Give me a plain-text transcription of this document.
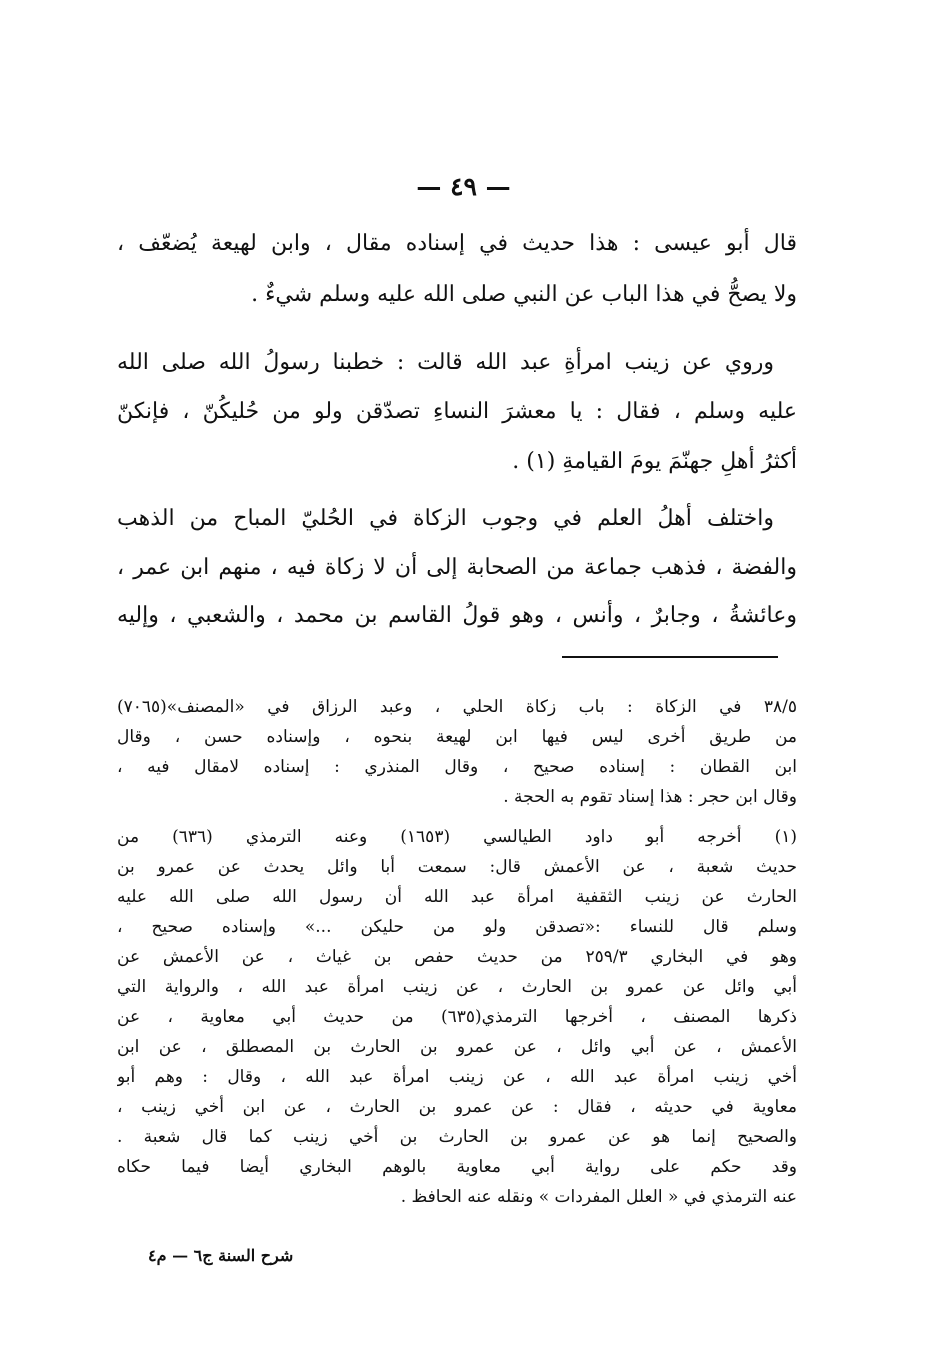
— ٤٩ —
قال أبو عيسى : هذا حديث في إسناده مقال ، وابن لهيعة يُضعّف ،
ولا يصحُّ في هذا الباب عن النبي صلى الله عليه وسلم شيءٌ .
وروي عن زينب امرأةِ عبد الله قالت : خطبنا رسولُ الله صلى الله
عليه وسلم ، فقال : يا معشرَ النساءِ تصدّقن ولو من حُليكُنّ ، فإنكنّ
أكثرُ أهلِ جهنّمَ يومَ القيامةِ (١) .
واختلف أهلُ العلم في وجوب الزكاة في الحُليّ المباح من الذهب
والفضة ، فذهب جماعة من الصحابة إلى أن لا زكاة فيه ، منهم ابن عمر ،
وعائشةُ ، وجابرٌ ، وأنس ، وهو قولُ القاسم بن محمد ، والشعبي ، وإليه
٣٨/٥ في الزكاة : باب زكاة الحلي ، وعبد الرزاق في «المصنف»(٧٠٦٥)
من طريق أخرى ليس فيها ابن لهيعة بنحوه ، وإسناده حسن ، وقال
ابن القطان : إسناده صحيح ، وقال المنذري : إسناده لامقال فيه ،
وقال ابن حجر : هذا إسناد تقوم به الحجة .
(١) أخرجه أبو داود الطيالسي (١٦٥٣) وعنه الترمذي (٦٣٦) من
حديث شعبة ، عن الأعمش قال: سمعت أبا وائل يحدث عن عمرو بن
الحارث عن زينب الثقفية امرأة عبد الله أن رسول الله صلى الله عليه
وسلم قال للنساء :«تصدقن ولو من حليكن ...» وإسناده صحيح ،
وهو في البخاري ٢٥٩/٣ من حديث حفص بن غياث ، عن الأعمش عن
أبي وائل عن عمرو بن الحارث ، عن زينب امرأة عبد الله ، والرواية التي
ذكرها المصنف ، أخرجها الترمذي(٦٣٥) من حديث أبي معاوية ، عن
الأعمش ، عن أبي وائل ، عن عمرو بن الحارث بن المصطلق ، عن ابن
أخي زينب امرأة عبد الله ، عن زينب امرأة عبد الله ، وقال : وهم أبو
معاوية في حديثه ، فقال : عن عمرو بن الحارث ، عن ابن أخي زينب ،
والصحيح إنما هو عن عمرو بن الحارث بن أخي زينب كما قال شعبة .
وقد حكم على رواية أبي معاوية بالوهم البخاري أيضا فيما حكاه
عنه الترمذي في « العلل المفردات » ونقله عنه الحافظ .
شرح السنة ج٦ — م٤
